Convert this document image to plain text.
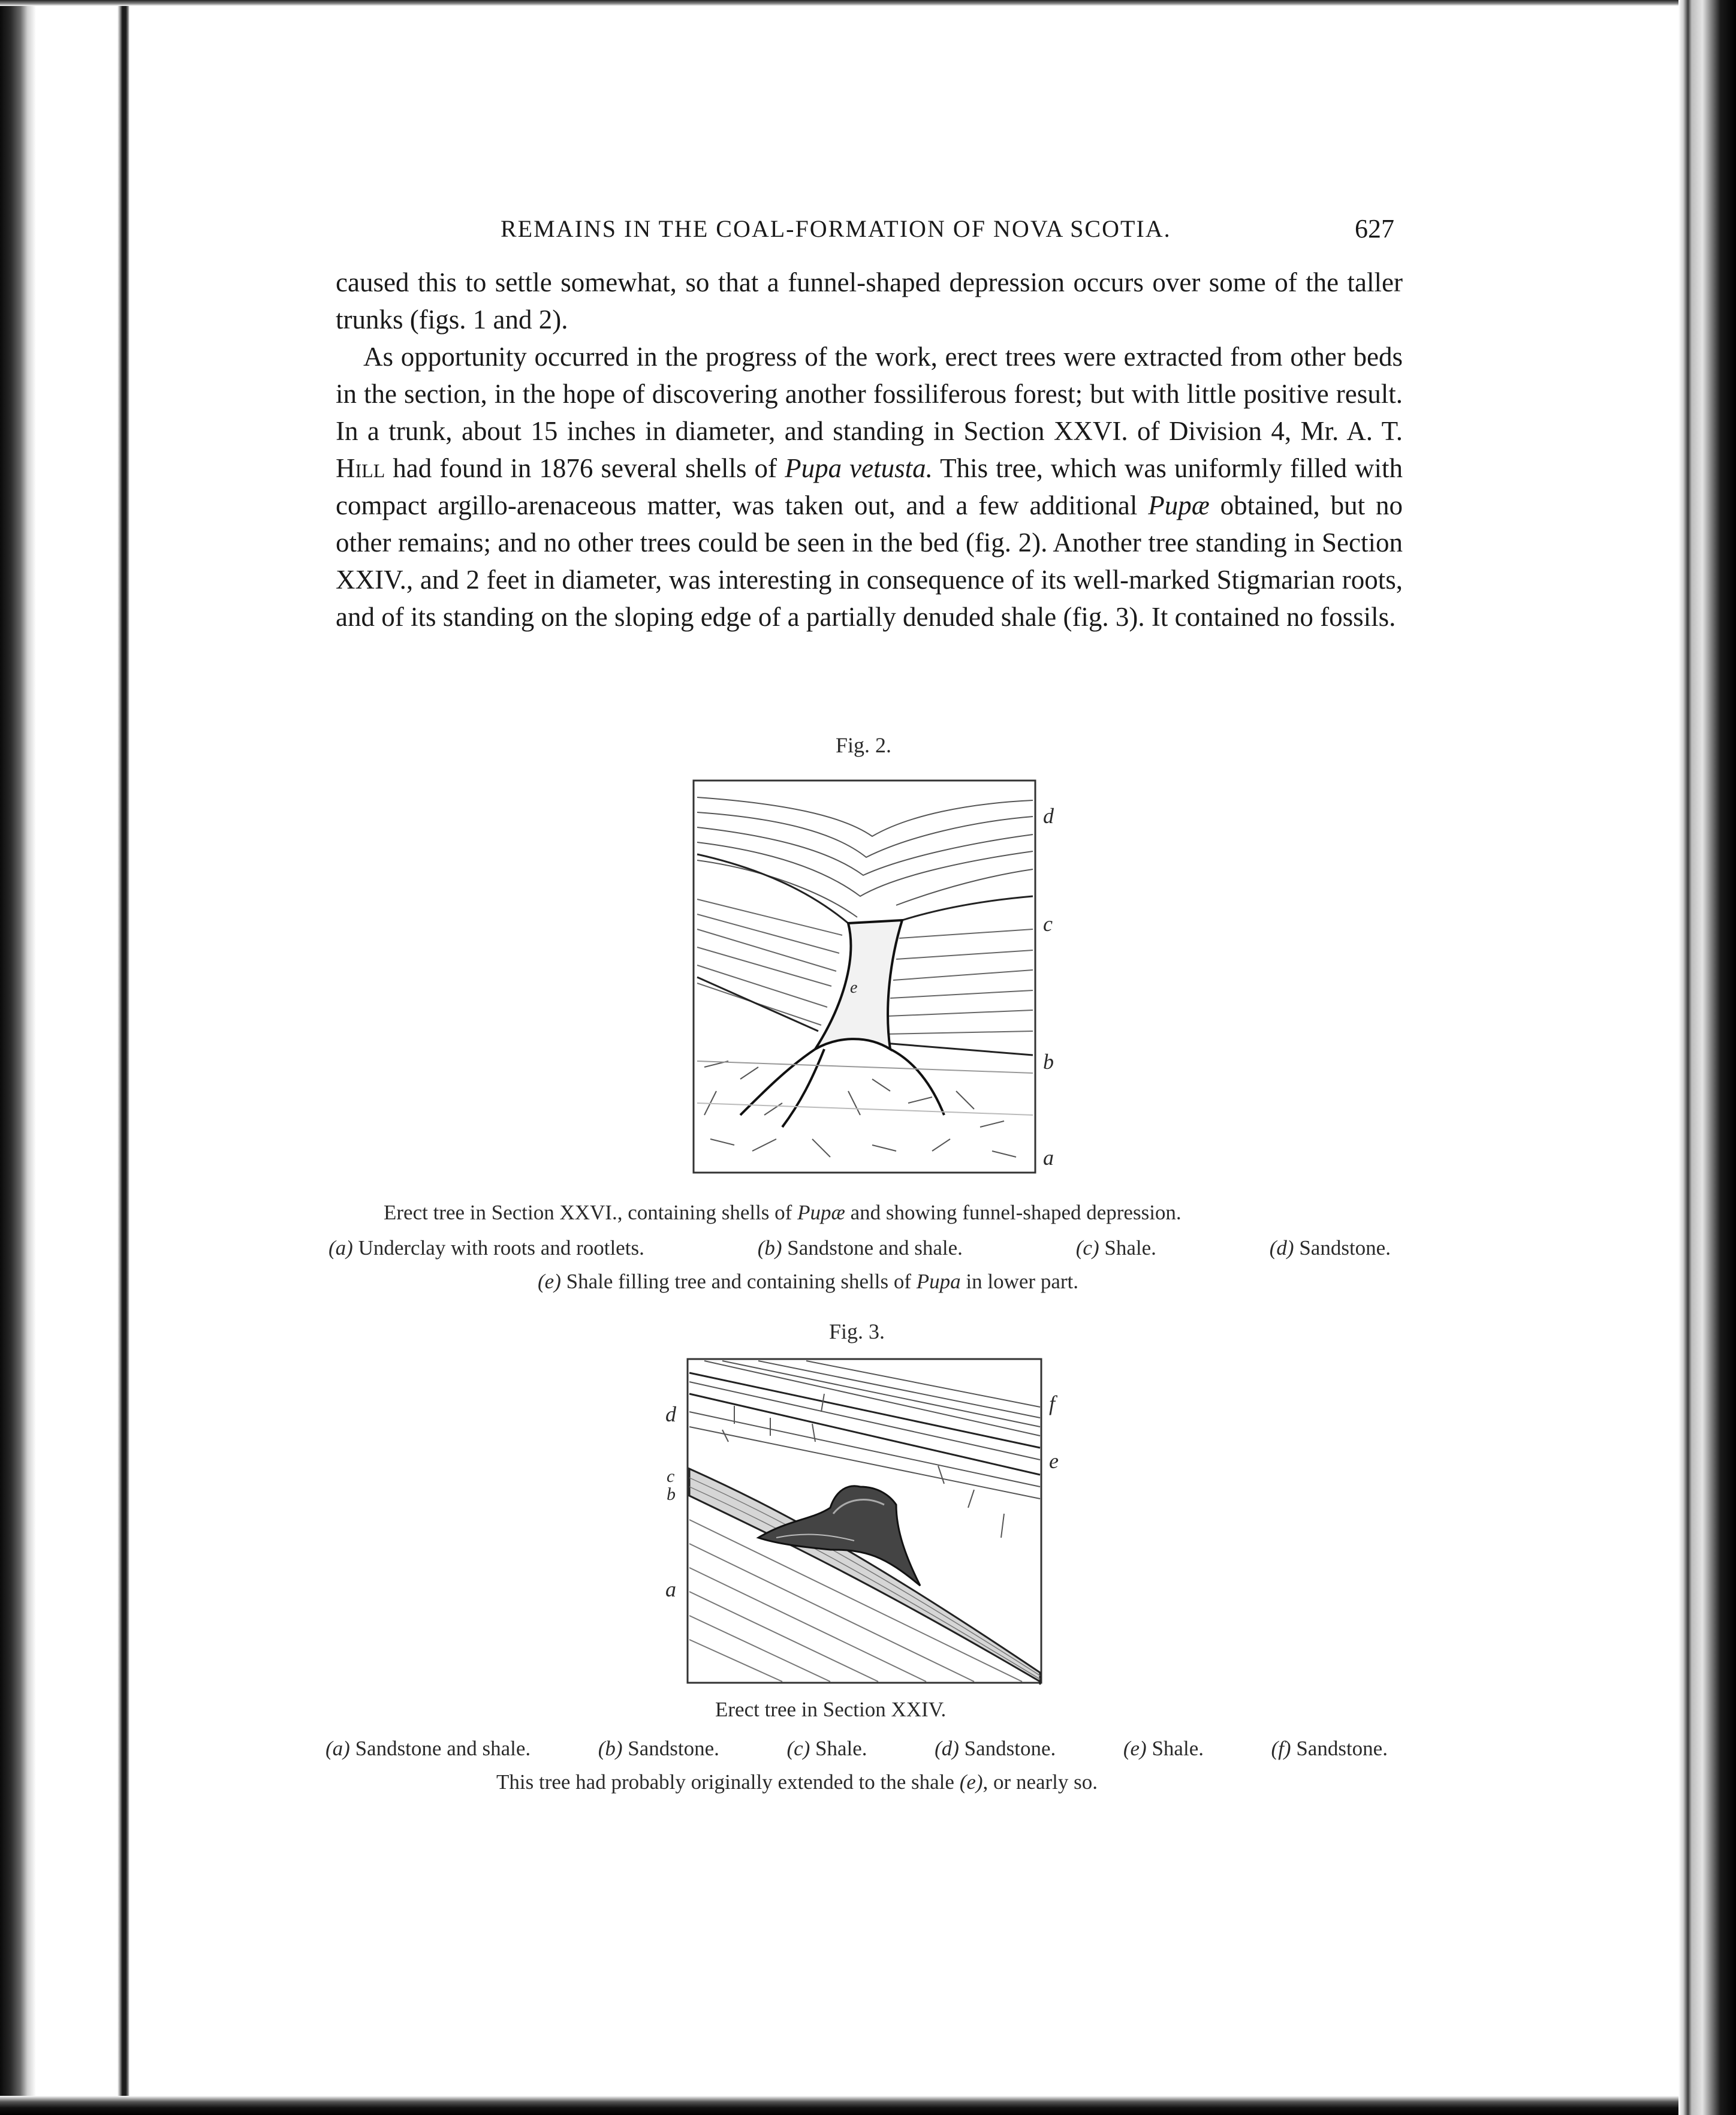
REMAINS IN THE COAL-FORMATION OF NOVA SCOTIA.	627

caused this to settle somewhat, so that a funnel-shaped depression occurs over some of the taller trunks (figs. 1 and 2).

As opportunity occurred in the progress of the work, erect trees were extracted from other beds in the section, in the hope of discovering another fossiliferous forest; but with little positive result. In a trunk, about 15 inches in diameter, and standing in Section XXVI. of Division 4, Mr. A. T. Hill had found in 1876 several shells of Pupa vetusta. This tree, which was uniformly filled with compact argillo-arenaceous matter, was taken out, and a few additional Pupæ obtained, but no other remains; and no other trees could be seen in the bed (fig. 2). Another tree standing in Section XXIV., and 2 feet in diameter, was interesting in consequence of its well-marked Stigmarian roots, and of its standing on the sloping edge of a partially denuded shale (fig. 3). It contained no fossils.

Fig. 2.
d
c
b
a
e
Erect tree in Section XXVI., containing shells of Pupæ and showing funnel-shaped depression.
(a) Underclay with roots and rootlets.	(b) Sandstone and shale.	(c) Shale.	(d) Sandstone.
(e) Shale filling tree and containing shells of Pupa in lower part.
Fig. 3.
d
c
b
a
f
e
Erect tree in Section XXIV.
(a) Sandstone and shale.	(b) Sandstone.	(c) Shale.	(d) Sandstone.	(e) Shale.	(f) Sandstone.
This tree had probably originally extended to the shale (e), or nearly so.
